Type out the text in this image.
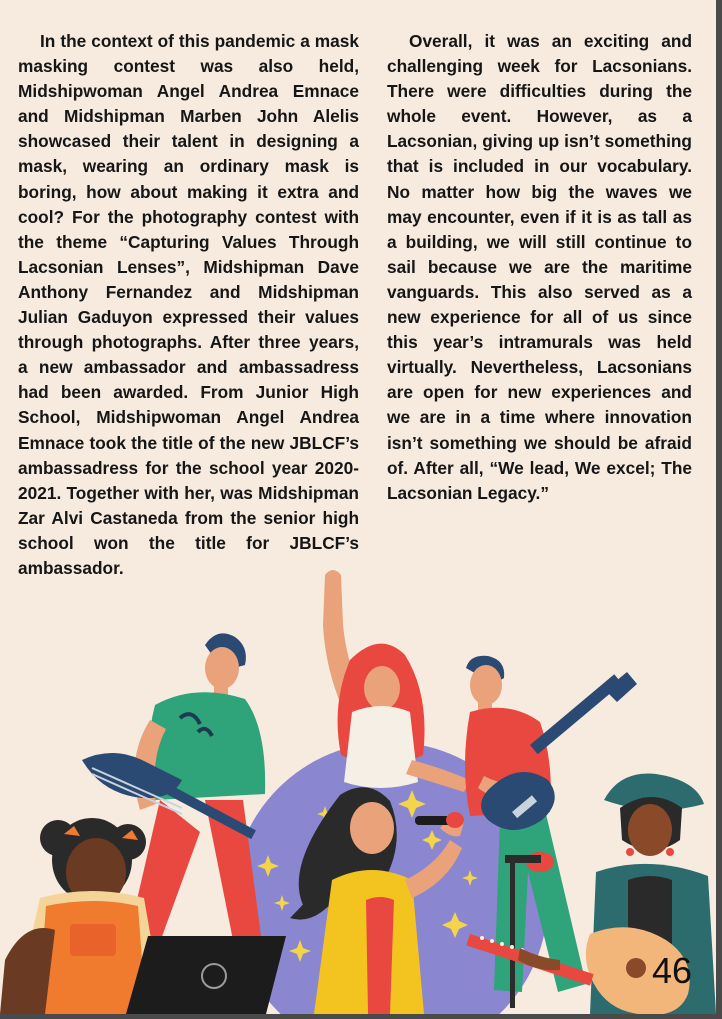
In the context of this pandemic a mask masking contest was also held, Midshipwoman Angel Andrea Emnace and Midshipman Marben John Alelis showcased their talent in designing a mask, wearing an ordinary mask is boring, how about making it extra and cool? For the photography contest with the theme “Capturing Values Through Lacsonian Lenses”, Midshipman Dave Anthony Fernandez and Midshipman Julian Gaduyon expressed their values through photographs. After three years, a new ambassador and ambassadress had been awarded. From Junior High School, Midshipwoman Angel Andrea Emnace took the title of the new JBLCF’s ambassadress for the school year 2020-2021. Together with her, was Midshipman Zar Alvi Castaneda from the senior high school won the title for JBLCF’s ambassador.

Overall, it was an exciting and challenging week for Lacsonians. There were difficulties during the whole event. However, as a Lacsonian, giving up isn’t something that is included in our vocabulary. No matter how big the waves we may encounter, even if it is as tall as a building, we will still continue to sail because we are the maritime vanguards. This also served as a new experience for all of us since this year’s intramurals was held virtually. Nevertheless, Lacsonians are open for new experiences and we are in a time where innovation isn’t something we should be afraid of. After all, “We lead, We excel; The Lacsonian Legacy.”

46
